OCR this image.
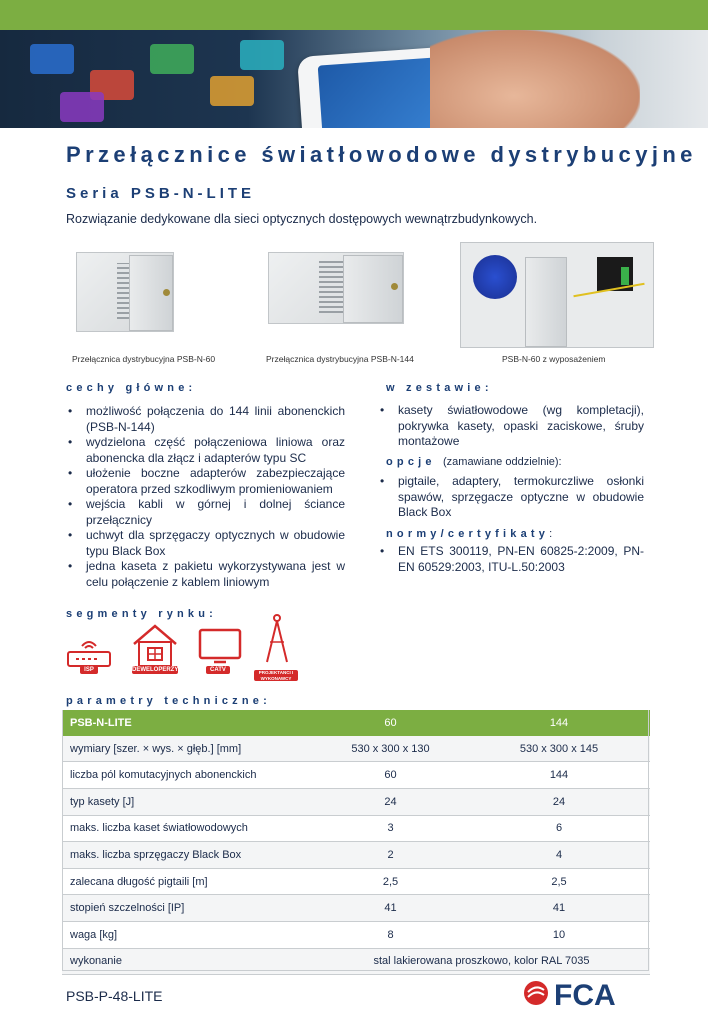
Przełącznice światłowodowe dystrybucyjne
Seria PSB-N-LITE
Rozwiązanie dedykowane dla sieci optycznych dostępowych wewnątrzbudynkowych.
Przełącznica dystrybucyjna PSB-N-60	Przełącznica dystrybucyjna PSB-N-144	PSB-N-60 z wyposażeniem
cechy główne:
• możliwość połączenia do 144 linii abonenckich (PSB-N-144)
• wydzielona część połączeniowa liniowa oraz abonencka dla złącz i adapterów typu SC
• ułożenie boczne adapterów zabezpieczające operatora przed szkodliwym promieniowaniem
• wejścia kabli w górnej i dolnej ściance przełącznicy
• uchwyt dla sprzęgaczy optycznych w obudowie typu Black Box
• jedna kaseta z pakietu wykorzystywana jest w celu połączenie z kablem liniowym
w zestawie:
• kasety światłowodowe (wg kompletacji), pokrywka kasety, opaski zaciskowe, śruby montażowe
opcje (zamawiane oddzielnie):
• pigtaile, adaptery, termokurczliwe osłonki spawów, sprzęgacze optyczne w obudowie Black Box
normy/certyfikaty:
• EN ETS 300119, PN-EN 60825-2:2009, PN-EN 60529:2003, ITU-L.50:2003
segmenty rynku:
ISP	DEWELOPERZY	CATV	PROJEKTANCI I WYKONAWCY
parametry techniczne:
PSB-N-LITE	60	144
wymiary [szer. × wys. × głęb.] [mm]	530 x 300 x 130	530 x 300 x 145
liczba pól komutacyjnych abonenckich	60	144
typ kasety [J]	24	24
maks. liczba kaset światłowodowych	3	6
maks. liczba sprzęgaczy Black Box	2	4
zalecana długość pigtaili [m]	2,5	2,5
stopień szczelności [IP]	41	41
waga [kg]	8	10
wykonanie	stal lakierowana proszkowo, kolor RAL 7035	
PSB-P-48-LITE	FCA
